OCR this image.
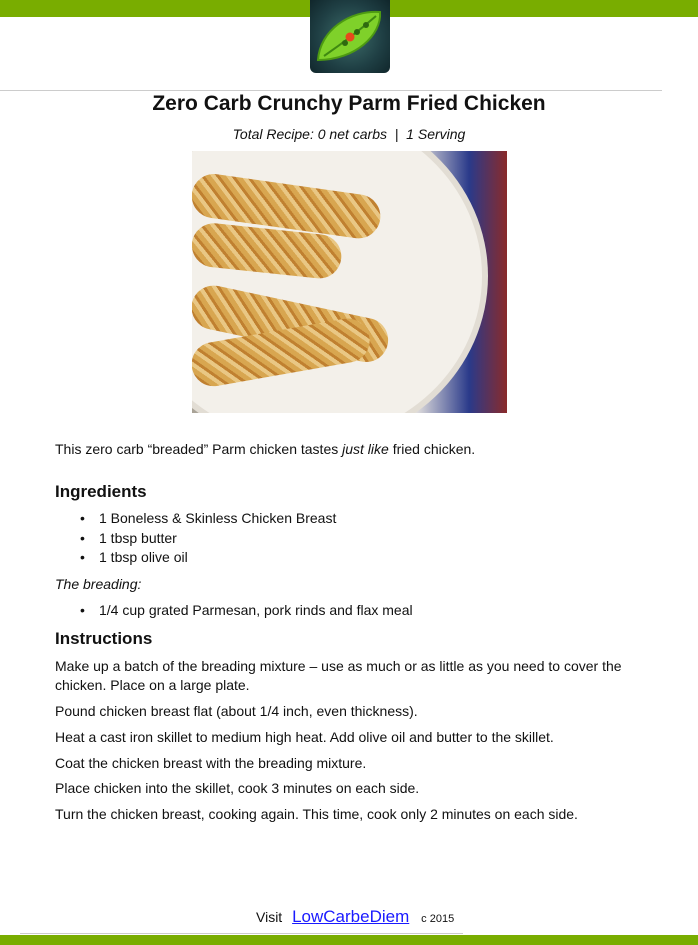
Zero Carb Crunchy Parm Fried Chicken
Total Recipe: 0 net carbs  |  1 Serving
This zero carb “breaded” Parm chicken tastes just like fried chicken.
Ingredients
• 1 Boneless & Skinless Chicken Breast
• 1 tbsp butter
• 1 tbsp olive oil
The breading:
• 1/4 cup grated Parmesan, pork rinds and flax meal
Instructions
Make up a batch of the breading mixture – use as much or as little as you need to cover the chicken. Place on a large plate.
Pound chicken breast flat (about 1/4 inch, even thickness).
Heat a cast iron skillet to medium high heat. Add olive oil and butter to the skillet.
Coat the chicken breast with the breading mixture.
Place chicken into the skillet, cook 3 minutes on each side.
Turn the chicken breast, cooking again. This time, cook only 2 minutes on each side.
Visit LowCarbeDiem c 2015
